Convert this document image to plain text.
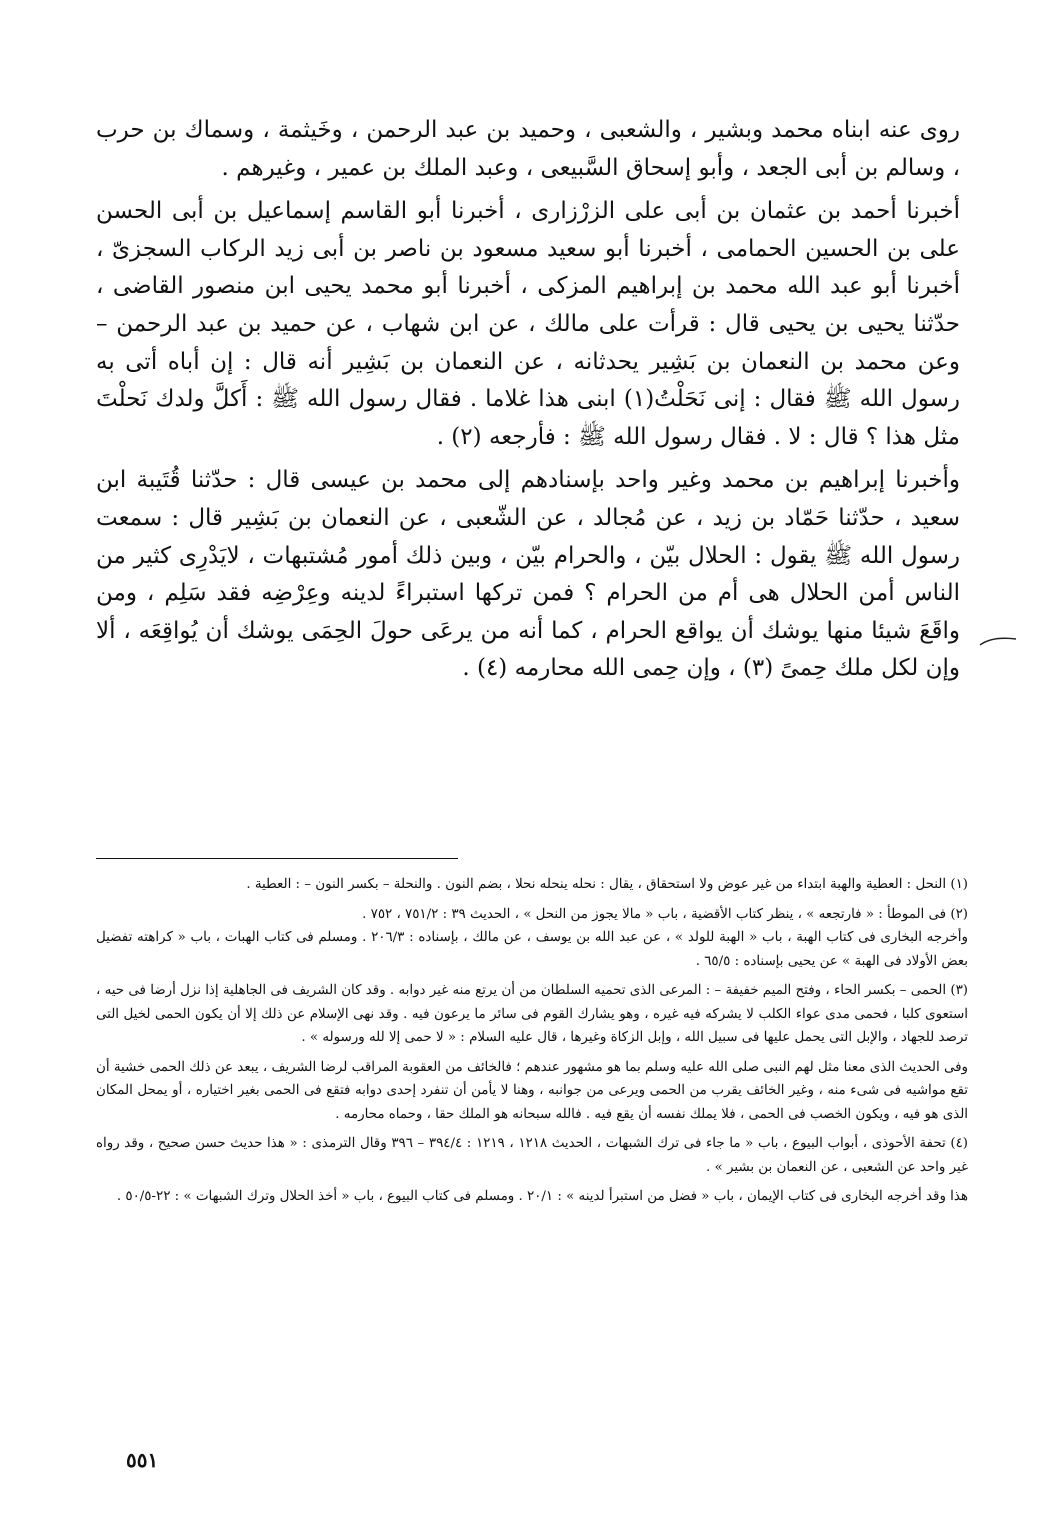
روى عنه ابناه محمد وبشير ، والشعبى ، وحميد بن عبد الرحمن ، وخَيثمة ، وسماك بن حرب ، وسالم بن أبى الجعد ، وأبو إسحاق السَّبيعى ، وعبد الملك بن عمير ، وغيرهم .

أخبرنا أحمد بن عثمان بن أبى على الزرْزارى ، أخبرنا أبو القاسم إسماعيل بن أبى الحسن على بن الحسين الحمامى ، أخبرنا أبو سعيد مسعود بن ناصر بن أبى زيد الركاب السجزىّ ، أخبرنا أبو عبد الله محمد بن إبراهيم المزكى ، أخبرنا أبو محمد يحيى ابن منصور القاضى ، حدّثنا يحيى بن يحيى قال : قرأت على مالك ، عن ابن شهاب ، عن حميد بن عبد الرحمن – وعن محمد بن النعمان بن بَشِير يحدثانه ، عن النعمان بن بَشِير أنه قال : إن أباه أتى به رسول الله ﷺ فقال : إنى نَحَلْتُ(١) ابنى هذا غلاما . فقال رسول الله ﷺ : أَكلَّ ولدك نَحلْتَ مثل هذا ؟ قال : لا . فقال رسول الله ﷺ : فأرجعه (٢) .

وأخبرنا إبراهيم بن محمد وغير واحد بإسنادهم إلى محمد بن عيسى قال : حدّثنا قُتَيبة ابن سعيد ، حدّثنا حَمّاد بن زيد ، عن مُجالد ، عن الشّعبى ، عن النعمان بن بَشِير قال : سمعت رسول الله ﷺ يقول : الحلال بيّن ، والحرام بيّن ، وبين ذلك أمور مُشتبهات ، لايَدْرِى كثير من الناس أمن الحلال هى أم من الحرام ؟ فمن تركها استبراءً لدينه وعِرْضِه فقد سَلِم ، ومن واقَعَ شيئا منها يوشك أن يواقع الحرام ، كما أنه من يرعَى حولَ الحِمَى يوشك أن يُواقِعَه ، ألا وإن لكل ملك حِمىً (٣) ، وإن حِمى الله محارمه (٤) .

(١) النحل : العطية والهبة ابتداء من غير عوض ولا استحقاق ، يقال : نحله ينحله نحلا ، بضم النون . والنحلة – بكسر النون – : العطية .

(٢) فى الموطأ : « فارتجعه » ، ينظر كتاب الأقضية ، باب « مالا يجوز من النحل » ، الحديث ٣٩ : ٧٥١/٢ ، ٧٥٢ .

وأخرجه البخارى فى كتاب الهبة ، باب « الهبة للولد » ، عن عبد الله بن يوسف ، عن مالك ، بإسناده : ٢٠٦/٣ . ومسلم فى كتاب الهبات ، باب « كراهته تفضيل بعض الأولاد فى الهبة » عن يحيى بإسناده : ٦٥/٥ .

(٣) الحمى – بكسر الحاء ، وفتح الميم خفيفة – : المرعى الذى تحميه السلطان من أن يرتع منه غير دوابه . وقد كان الشريف فى الجاهلية إذا نزل أرضا فى حيه ، استعوى كلبا ، فحمى مدى عواء الكلب لا يشركه فيه غيره ، وهو يشارك القوم فى سائر ما يرعون فيه . وقد نهى الإسلام عن ذلك إلا أن يكون الحمى لخيل التى ترصد للجهاد ، والإبل التى يحمل عليها فى سبيل الله ، وإبل الزكاة وغيرها ، قال عليه السلام : « لا حمى إلا لله ورسوله » .

وفى الحديث الذى معنا مثل لهم النبى صلى الله عليه وسلم بما هو مشهور عندهم ؛ فالخائف من العقوبة المراقب لرضا الشريف ، يبعد عن ذلك الحمى خشية أن تقع مواشيه فى شىء منه ، وغير الخائف يقرب من الحمى ويرعى من جوانبه ، وهنا لا يأمن أن تنفرد إحدى دوابه فتقع فى الحمى بغير اختياره ، أو يمحل المكان الذى هو فيه ، ويكون الخصب فى الحمى ، فلا يملك نفسه أن يقع فيه . فالله سبحانه هو الملك حقا ، وحماه محارمه .

(٤) تحفة الأحوذى ، أبواب البيوع ، باب « ما جاء فى ترك الشبهات ، الحديث ١٢١٨ ، ١٢١٩ : ٣٩٤/٤ – ٣٩٦ وقال الترمذى : « هذا حديث حسن صحيح ، وقد رواه غير واحد عن الشعبى ، عن النعمان بن بشير » .

هذا وقد أخرجه البخارى فى كتاب الإيمان ، باب « فضل من استبرأ لدينه » : ٢٠/١ . ومسلم فى كتاب البيوع ، باب « أخذ الحلال وترك الشبهات » : ٢٢-٥٠/٥ .

٥٥١
